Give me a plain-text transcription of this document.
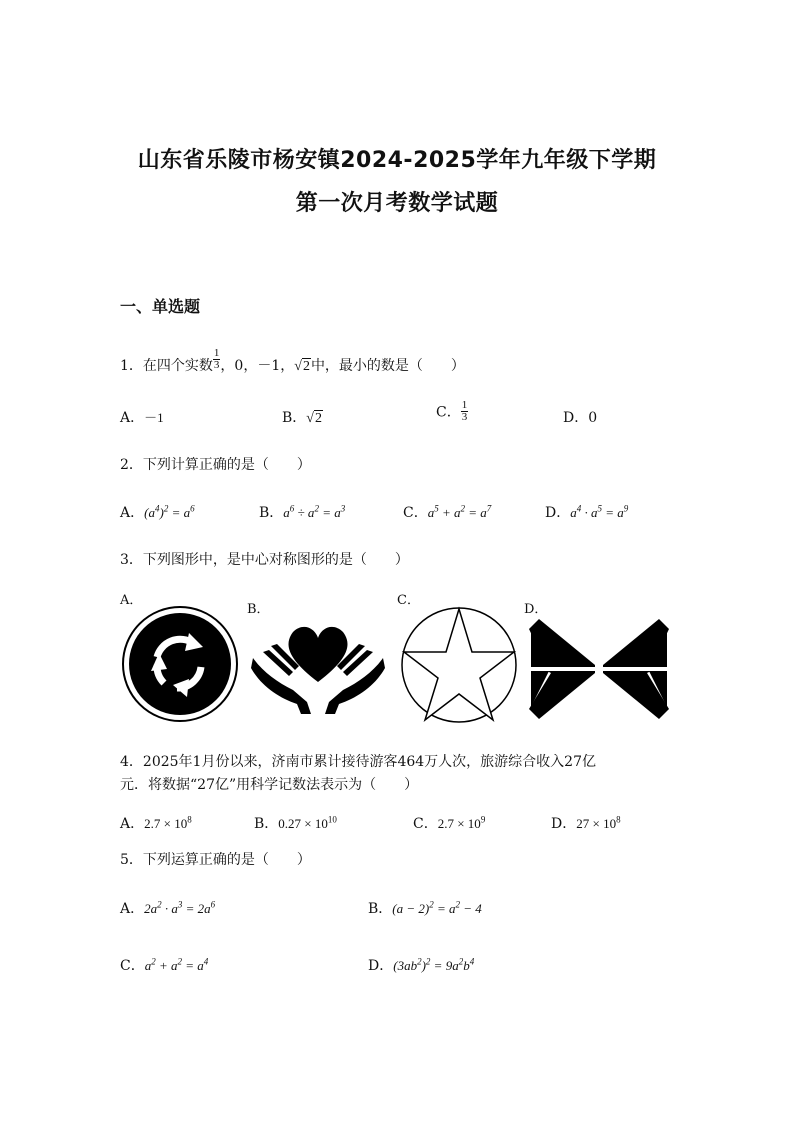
山东省乐陵市杨安镇2024-2025学年九年级下学期
第一次月考数学试题
一、单选题
1．在四个实数 $\frac{1}{3}$ ，0，－1，√2中，最小的数是（　　）
A．－1	B．√2	C． $\frac{1}{3}$	D．0
2．下列计算正确的是（　　）
A．$(a^4)^2 = a^6$	B．$a^6 \div a^2 = a^3$	C．$a^5 + a^2 = a^7$	D．$a^4 \cdot a^5 = a^9$
3．下列图形中，是中心对称图形的是（　　）
A．
B．
C．
D．
4．2025年1月份以来，济南市累计接待游客464万人次，旅游综合收入27亿
元．将数据“27亿”用科学记数法表示为（　　）
A．$2.7 \times 10^8$	B．$0.27 \times 10^{10}$	C．$2.7 \times 10^9$	D．$27 \times 10^8$
5．下列运算正确的是（　　）
A．$2a^2 \cdot a^3 = 2a^6$	B．$(a - 2)^2 = a^2 - 4$
C．$a^2 + a^2 = a^4$	D．$(3ab^2)^2 = 9a^2b^4$
